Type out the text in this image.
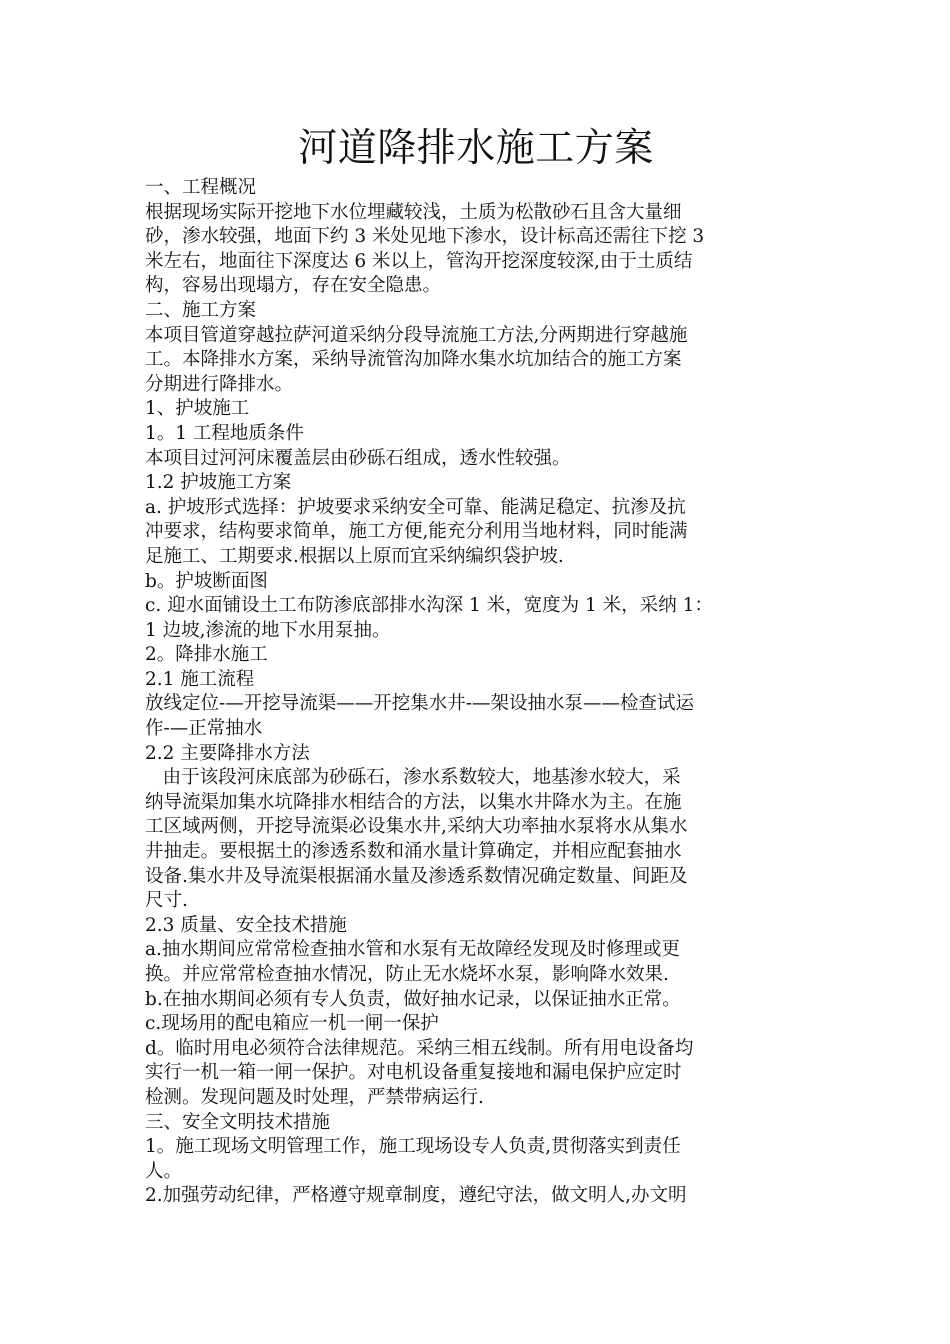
河道降排水施工方案

一、工程概况

根据现场实际开挖地下水位埋藏较浅，土质为松散砂石且含大量细

砂，渗水较强，地面下约 3 米处见地下渗水，设计标高还需往下挖 3

米左右，地面往下深度达 6 米以上，管沟开挖深度较深,由于土质结

构，容易出现塌方，存在安全隐患。

二、施工方案

本项目管道穿越拉萨河道采纳分段导流施工方法,分两期进行穿越施

工。本降排水方案，采纳导流管沟加降水集水坑加结合的施工方案

分期进行降排水。

1、护坡施工

1。1 工程地质条件

本项目过河河床覆盖层由砂砾石组成，透水性较强。

1.2 护坡施工方案

a. 护坡形式选择：护坡要求采纳安全可靠、能满足稳定、抗渗及抗

冲要求，结构要求简单，施工方便,能充分利用当地材料，同时能满

足施工、工期要求.根据以上原而宜采纳编织袋护坡.

b。护坡断面图

c. 迎水面铺设土工布防渗底部排水沟深 1 米，宽度为 1 米，采纳 1：

1 边坡,渗流的地下水用泵抽。

2。降排水施工

2.1 施工流程

放线定位-—开挖导流渠——开挖集水井-—架设抽水泵——检查试运

作-—正常抽水

2.2 主要降排水方法

由于该段河床底部为砂砾石，渗水系数较大，地基渗水较大，采

纳导流渠加集水坑降排水相结合的方法，以集水井降水为主。在施

工区域两侧，开挖导流渠必设集水井,采纳大功率抽水泵将水从集水

井抽走。要根据土的渗透系数和涌水量计算确定，并相应配套抽水

设备.集水井及导流渠根据涌水量及渗透系数情况确定数量、间距及

尺寸.

2.3 质量、安全技术措施

a.抽水期间应常常检查抽水管和水泵有无故障经发现及时修理或更

换。并应常常检查抽水情况，防止无水烧坏水泵，影响降水效果.

b.在抽水期间必须有专人负责，做好抽水记录，以保证抽水正常。

c.现场用的配电箱应一机一闸一保护

d。临时用电必须符合法律规范。采纳三相五线制。所有用电设备均

实行一机一箱一闸一保护。对电机设备重复接地和漏电保护应定时

检测。发现问题及时处理，严禁带病运行.

三、安全文明技术措施

1。施工现场文明管理工作，施工现场设专人负责,贯彻落实到责任

人。

2.加强劳动纪律，严格遵守规章制度，遵纪守法，做文明人,办文明
